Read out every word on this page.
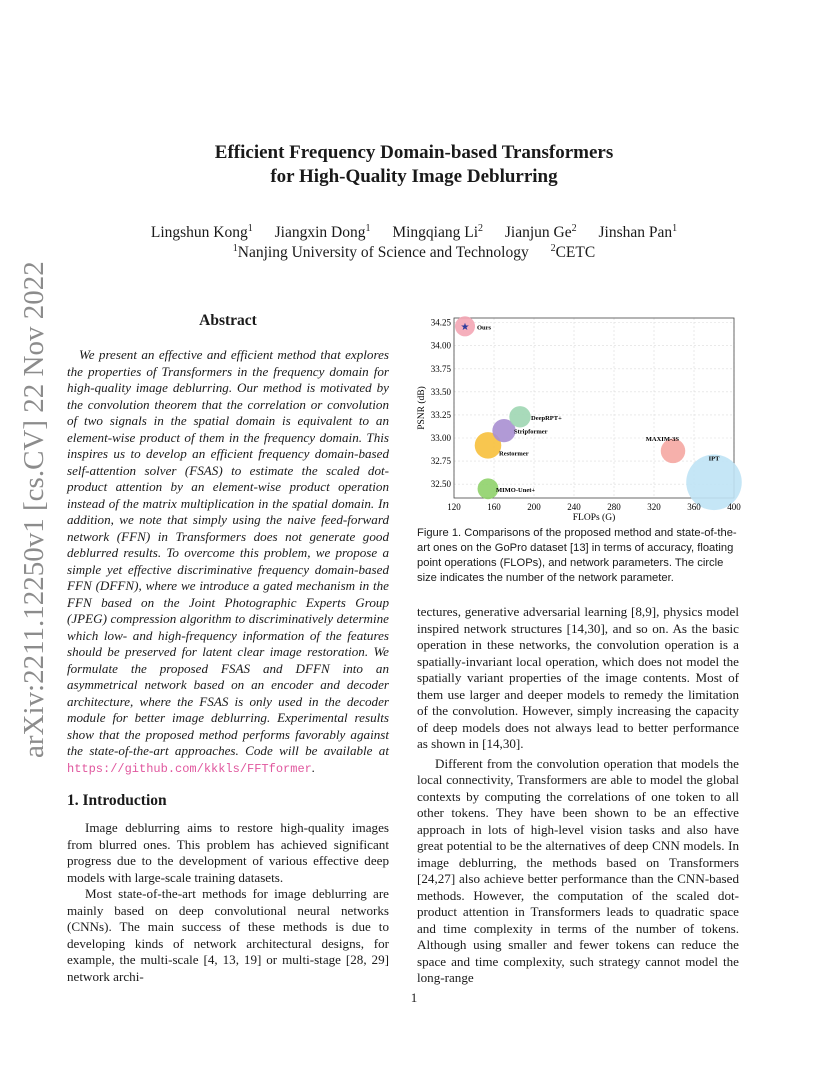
Efficient Frequency Domain-based Transformers
for High-Quality Image Deblurring
Lingshun Kong$^1$ Jiangxin Dong$^1$ Mingqiang Li$^2$ Jianjun Ge$^2$ Jinshan Pan$^1$
$^1$Nanjing University of Science and Technology $^2$CETC
arXiv:2211.12250v1 [cs.CV] 22 Nov 2022	Abstract

We present an effective and efficient method that explores the properties of Transformers in the frequency domain for high-quality image deblurring. Our method is motivated by the convolution theorem that the correlation or convolution of two signals in the spatial domain is equivalent to an element-wise product of them in the frequency domain. This inspires us to develop an efficient frequency domain-based self-attention solver (FSAS) to estimate the scaled dot-product attention by an element-wise product operation instead of the matrix multiplication in the spatial domain. In addition, we note that simply using the naive feed-forward network (FFN) in Transformers does not generate good deblurred results. To overcome this problem, we propose a simple yet effective discriminative frequency domain-based FFN (DFFN), where we introduce a gated mechanism in the FFN based on the Joint Photographic Experts Group (JPEG) compression algorithm to discriminatively determine which low- and high-frequency information of the features should be preserved for latent clear image restoration. We formulate the proposed FSAS and DFFN into an asymmetrical network based on an encoder and decoder architecture, where the FSAS is only used in the decoder module for better image deblurring. Experimental results show that the proposed method performs favorably against the state-of-the-art approaches. Code will be available at https://github.com/kkkls/FFTformer.

1. Introduction

Image deblurring aims to restore high-quality images from blurred ones. This problem has achieved significant progress due to the development of various effective deep models with large-scale training datasets.

Most state-of-the-art methods for image deblurring are mainly based on deep convolutional neural networks (CNNs). The main success of these methods is due to developing kinds of network architectural designs, for example, the multi-scale [4, 13, 19] or multi-stage [28, 29] network archi-

★ Ours
DeepRPT+
Stripformer
Restormer
MAXIM-3S
IPT
MIMO-Unet+
120	160	200	240	280	320	360	400
32.50
32.75
33.00
33.25
33.50
33.75
34.00
34.25
FLOPs (G)
PSNR (dB)
Figure 1. Comparisons of the proposed method and state-of-the-art ones on the GoPro dataset [13] in terms of accuracy, floating point operations (FLOPs), and network parameters. The circle size indicates the number of the network parameter.

tectures, generative adversarial learning [8,9], physics model inspired network structures [14,30], and so on. As the basic operation in these networks, the convolution operation is a spatially-invariant local operation, which does not model the spatially variant properties of the image contents. Most of them use larger and deeper models to remedy the limitation of the convolution. However, simply increasing the capacity of deep models does not always lead to better performance as shown in [14,30].

Different from the convolution operation that models the local connectivity, Transformers are able to model the global contexts by computing the correlations of one token to all other tokens. They have been shown to be an effective approach in lots of high-level vision tasks and also have great potential to be the alternatives of deep CNN models. In image deblurring, the methods based on Transformers [24,27] also achieve better performance than the CNN-based methods. However, the computation of the scaled dot-product attention in Transformers leads to quadratic space and time complexity in terms of the number of tokens. Although using smaller and fewer tokens can reduce the space and time complexity, such strategy cannot model the long-range

1
